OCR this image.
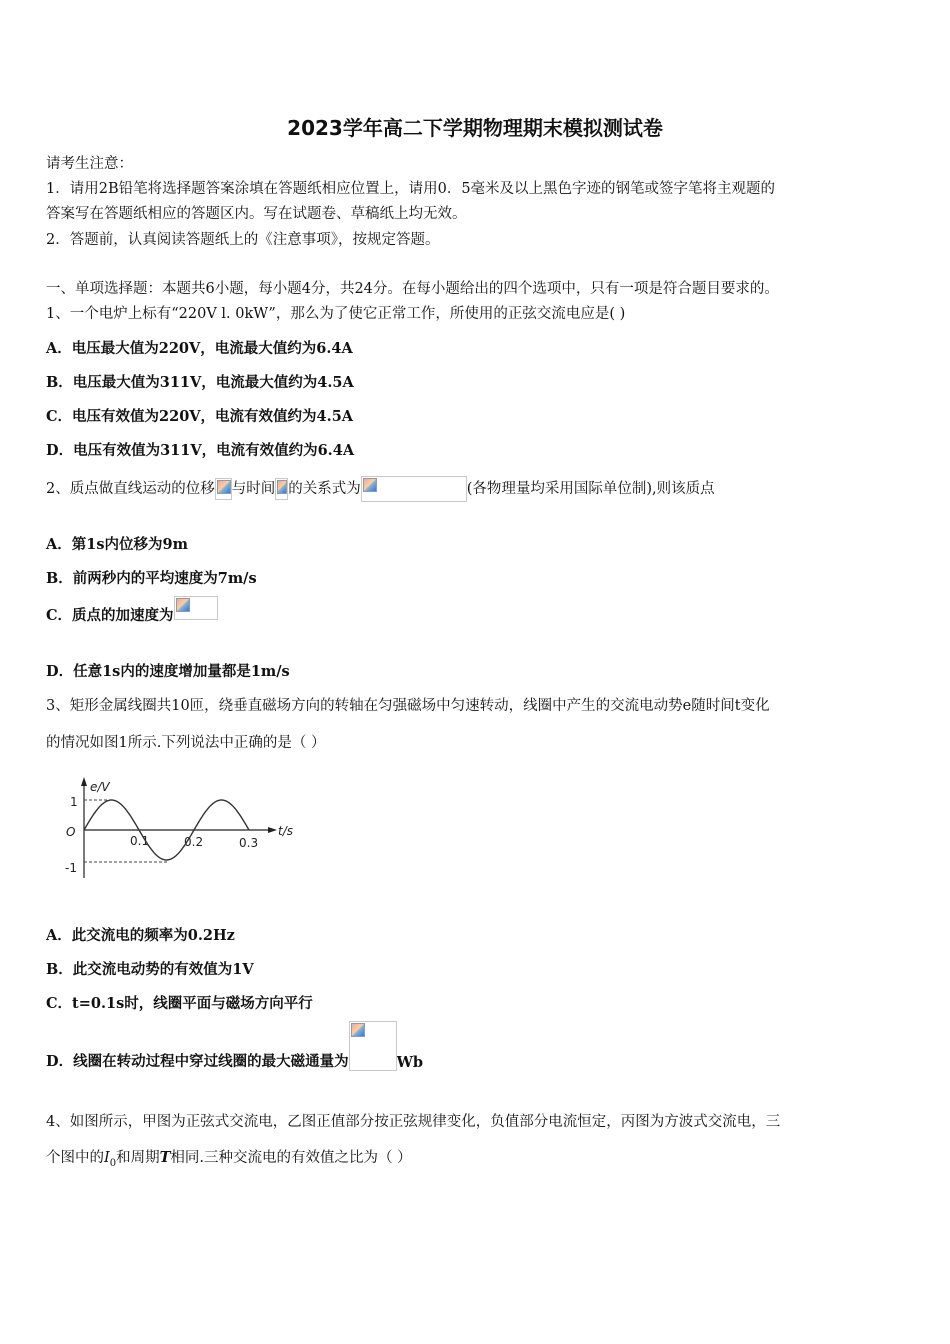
2023学年高二下学期物理期末模拟测试卷
请考生注意：
1．请用2B铅笔将选择题答案涂填在答题纸相应位置上，请用0．5毫米及以上黑色字迹的钢笔或签字笔将主观题的
答案写在答题纸相应的答题区内。写在试题卷、草稿纸上均无效。
2．答题前，认真阅读答题纸上的《注意事项》，按规定答题。
一、单项选择题：本题共6小题，每小题4分，共24分。在每小题给出的四个选项中，只有一项是符合题目要求的。
1、一个电炉上标有“220V l. 0kW”，那么为了使它正常工作，所使用的正弦交流电应是( )
A．电压最大值为220V，电流最大值约为6.4A
B．电压最大值为311V，电流最大值约为4.5A
C．电压有效值为220V，电流有效值约为4.5A
D．电压有效值为311V，电流有效值约为6.4A
2、质点做直线运动的位移 与时间 的关系式为	(各物理量均采用国际单位制),则该质点
A．第1s内位移为9m
B．前两秒内的平均速度为7m/s
C．质点的加速度为
D．任意1s内的速度增加量都是1m/s
3、矩形金属线圈共10匝，绕垂直磁场方向的转轴在匀强磁场中匀速转动，线圈中产生的交流电动势e随时间t变化
的情况如图1所示.下列说法中正确的是（ ）
e/V
t/s
O
1
-1
0.1	0.2	0.3
A．此交流电的频率为0.2Hz
B．此交流电动势的有效值为1V
C．t=0.1s时，线圈平面与磁场方向平行
D．线圈在转动过程中穿过线圈的最大磁通量为	Wb
4、如图所示，甲图为正弦式交流电，乙图正值部分按正弦规律变化，负值部分电流恒定，丙图为方波式交流电，三
个图中的$I_0$和周期T相同.三种交流电的有效值之比为（ ）
